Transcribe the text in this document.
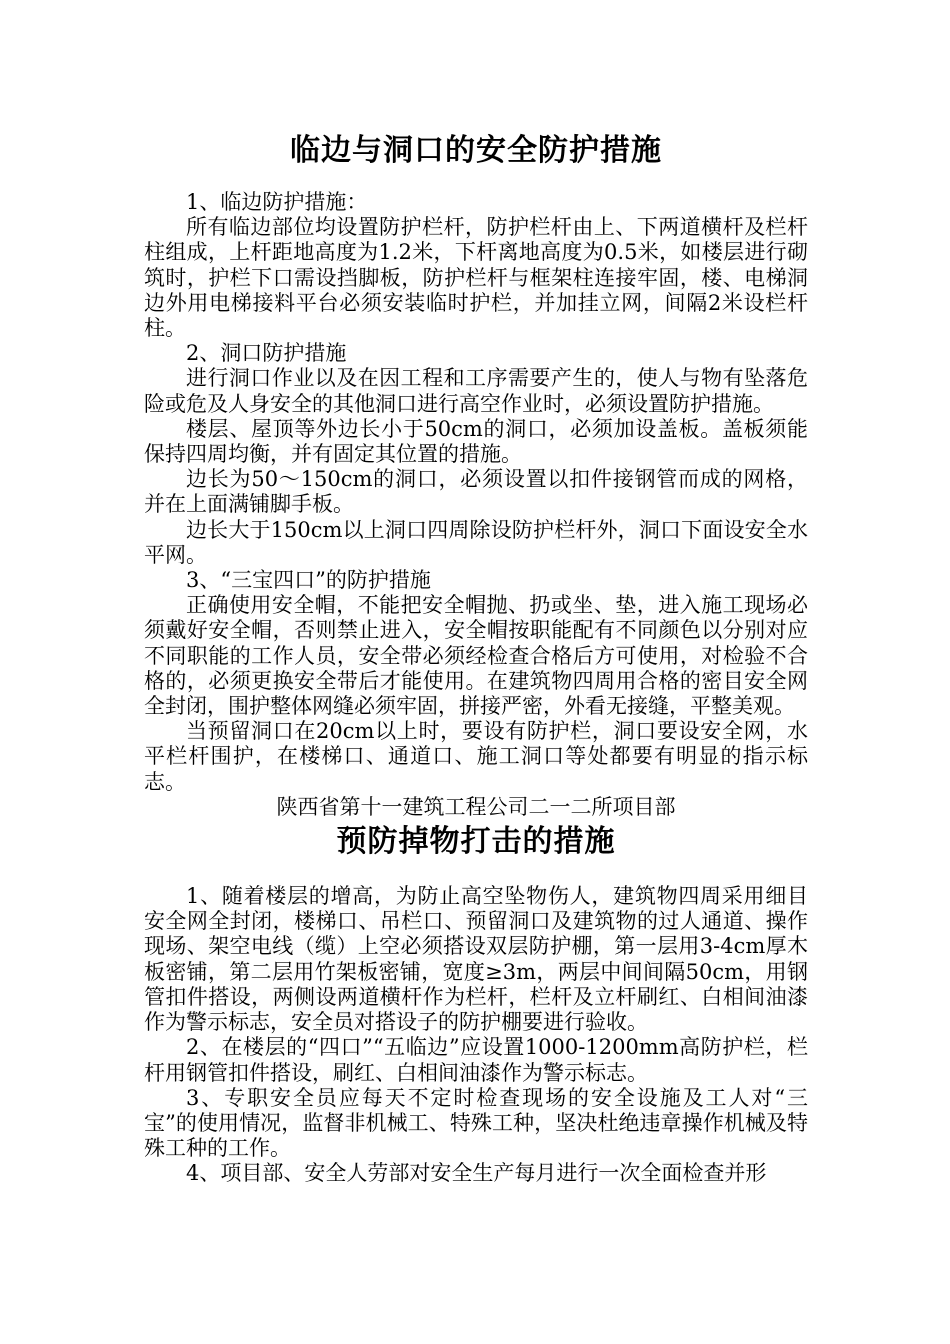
临边与洞口的安全防护措施

1、临边防护措施：

所有临边部位均设置防护栏杆，防护栏杆由上、下两道横杆及栏杆柱组成，上杆距地高度为1.2米，下杆离地高度为0.5米，如楼层进行砌筑时，护栏下口需设挡脚板，防护栏杆与框架柱连接牢固，楼、电梯洞边外用电梯接料平台必须安装临时护栏，并加挂立网，间隔2米设栏杆柱。

2、洞口防护措施

进行洞口作业以及在因工程和工序需要产生的，使人与物有坠落危险或危及人身安全的其他洞口进行高空作业时，必须设置防护措施。

楼层、屋顶等外边长小于50cm的洞口，必须加设盖板。盖板须能保持四周均衡，并有固定其位置的措施。

边长为50～150cm的洞口，必须设置以扣件接钢管而成的网格，并在上面满铺脚手板。

边长大于150cm以上洞口四周除设防护栏杆外，洞口下面设安全水平网。

3、“三宝四口”的防护措施

正确使用安全帽，不能把安全帽抛、扔或坐、垫，进入施工现场必须戴好安全帽，否则禁止进入，安全帽按职能配有不同颜色以分别对应不同职能的工作人员，安全带必须经检查合格后方可使用，对检验不合格的，必须更换安全带后才能使用。在建筑物四周用合格的密目安全网全封闭，围护整体网缝必须牢固，拼接严密，外看无接缝，平整美观。

当预留洞口在20cm以上时，要设有防护栏，洞口要设安全网，水平栏杆围护，在楼梯口、通道口、施工洞口等处都要有明显的指示标志。

陕西省第十一建筑工程公司二一二所项目部

预防掉物打击的措施

1、随着楼层的增高，为防止高空坠物伤人，建筑物四周采用细目安全网全封闭，楼梯口、吊栏口、预留洞口及建筑物的过人通道、操作现场、架空电线（缆）上空必须搭设双层防护棚，第一层用3-4cm厚木板密铺，第二层用竹架板密铺，宽度≥3m，两层中间间隔50cm，用钢管扣件搭设，两侧设两道横杆作为栏杆，栏杆及立杆刷红、白相间油漆作为警示标志，安全员对搭设子的防护棚要进行验收。

2、在楼层的“四口”“五临边”应设置1000-1200mm高防护栏，栏杆用钢管扣件搭设，刷红、白相间油漆作为警示标志。

3、专职安全员应每天不定时检查现场的安全设施及工人对“三宝”的使用情况，监督非机械工、特殊工种，坚决杜绝违章操作机械及特殊工种的工作。

4、项目部、安全人劳部对安全生产每月进行一次全面检查并形
